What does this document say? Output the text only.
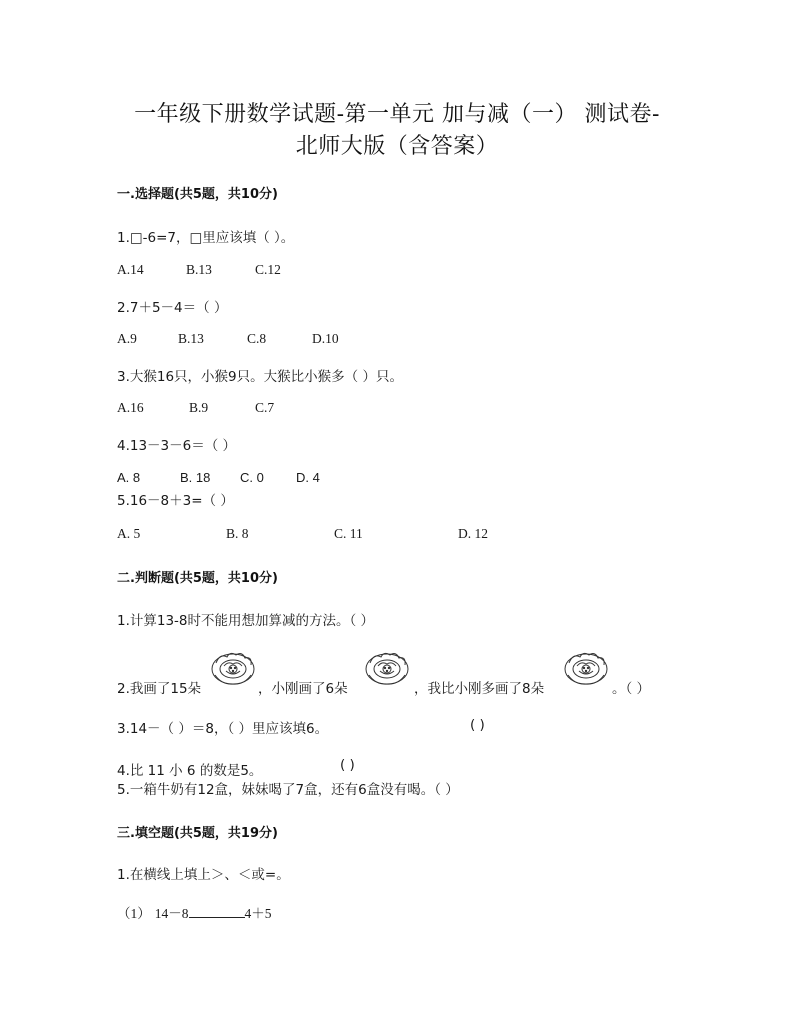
一年级下册数学试题-第一单元 加与减（一） 测试卷-
北师大版（含答案）
一.选择题(共5题，共10分)
1.□-6=7，□里应该填（ ）。
A.14	B.13	C.12
2.7＋5－4＝（ ）
A.9	B.13	C.8	D.10
3.大猴16只，小猴9只。大猴比小猴多（ ）只。
A.16	B.9	C.7
4.13－3－6＝（ ）
A. 8	B. 18 C. 0 D. 4
5.16－8＋3=（ ）
A. 5	B. 8	C. 11	D. 12
二.判断题(共5题，共10分)
1.计算13-8时不能用想加算减的方法。（ ）
2.我画了15朵	，小刚画了6朵	，我比小刚多画了8朵	。（ ）
3.14－（ ）＝8，（ ）里应该填6。	( )
4.比 11 小 6 的数是5。	( )
5.一箱牛奶有12盒，妹妹喝了7盒，还有6盒没有喝。（ ）
三.填空题(共5题，共19分)
1.在横线上填上＞、＜或=。
（1） 14－8	4＋5
